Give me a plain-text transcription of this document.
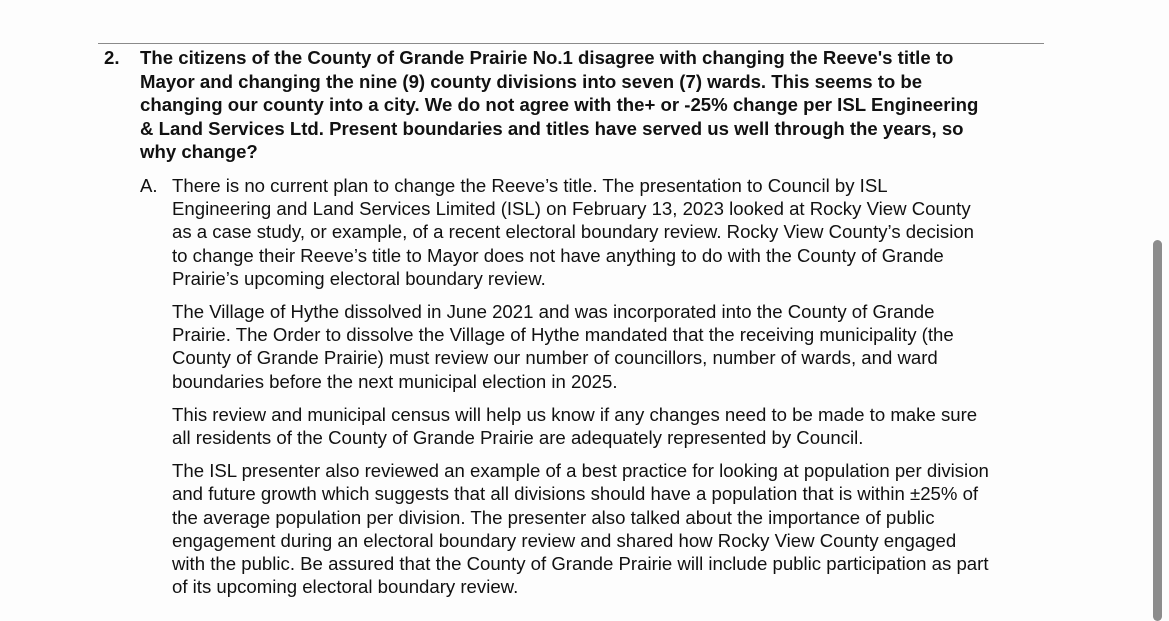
2.	The citizens of the County of Grande Prairie No.1 disagree with changing the Reeve's title to
Mayor and changing the nine (9) county divisions into seven (7) wards. This seems to be
changing our county into a city. We do not agree with the+ or -25% change per ISL Engineering
& Land Services Ltd. Present boundaries and titles have served us well through the years, so
why change?
A. There is no current plan to change the Reeve’s title. The presentation to Council by ISL
Engineering and Land Services Limited (ISL) on February 13, 2023 looked at Rocky View County
as a case study, or example, of a recent electoral boundary review. Rocky View County’s decision
to change their Reeve’s title to Mayor does not have anything to do with the County of Grande
Prairie’s upcoming electoral boundary review.
The Village of Hythe dissolved in June 2021 and was incorporated into the County of Grande
Prairie. The Order to dissolve the Village of Hythe mandated that the receiving municipality (the
County of Grande Prairie) must review our number of councillors, number of wards, and ward
boundaries before the next municipal election in 2025.
This review and municipal census will help us know if any changes need to be made to make sure
all residents of the County of Grande Prairie are adequately represented by Council.
The ISL presenter also reviewed an example of a best practice for looking at population per division
and future growth which suggests that all divisions should have a population that is within ±25% of
the average population per division. The presenter also talked about the importance of public
engagement during an electoral boundary review and shared how Rocky View County engaged
with the public. Be assured that the County of Grande Prairie will include public participation as part
of its upcoming electoral boundary review.
